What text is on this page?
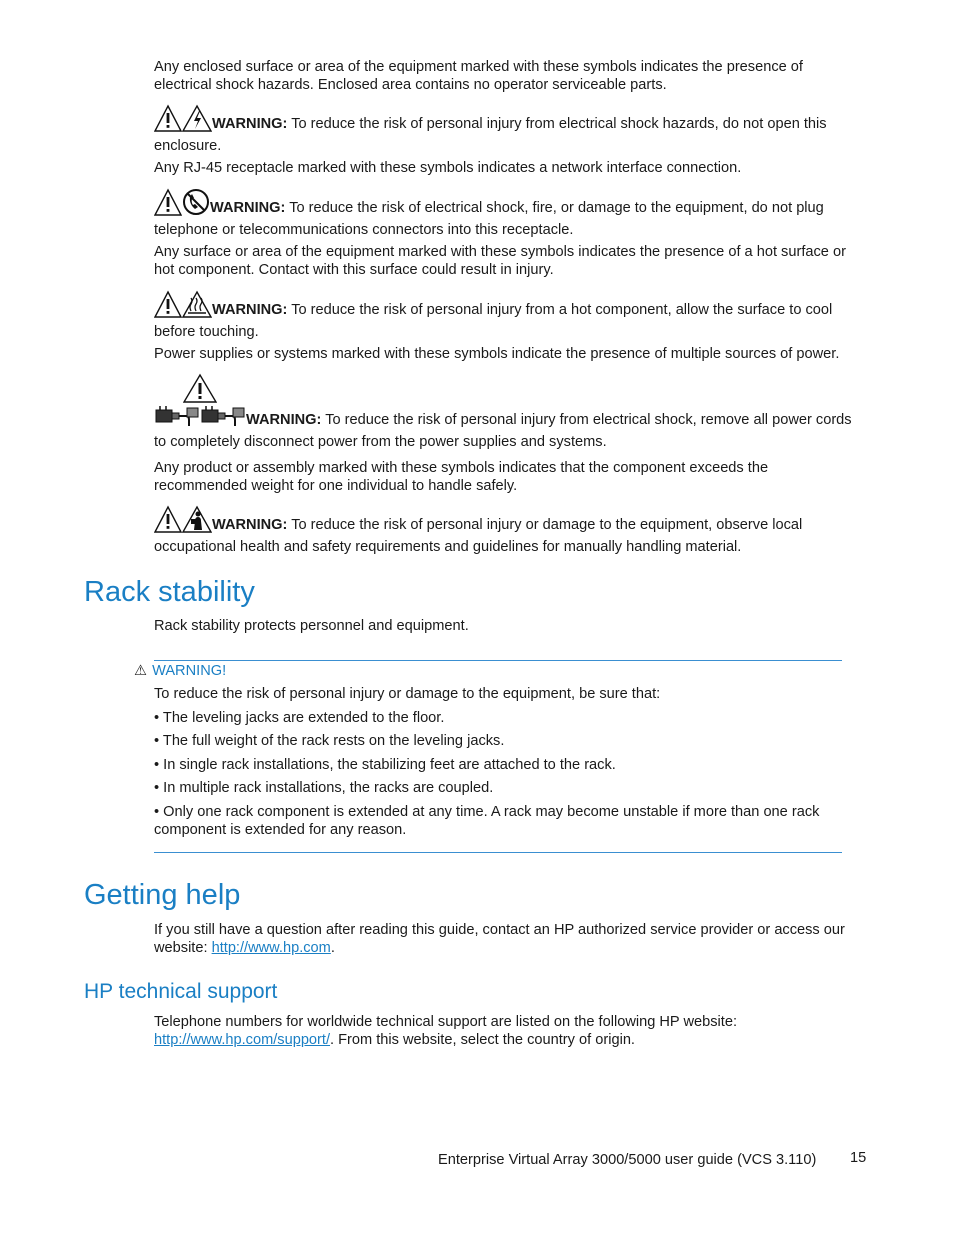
Any enclosed surface or area of the equipment marked with these symbols indicates the presence of electrical shock hazards. Enclosed area contains no operator serviceable parts.

WARNING: To reduce the risk of personal injury from electrical shock hazards, do not open this enclosure.

Any RJ-45 receptacle marked with these symbols indicates a network interface connection.

WARNING: To reduce the risk of electrical shock, fire, or damage to the equipment, do not plug telephone or telecommunications connectors into this receptacle.

Any surface or area of the equipment marked with these symbols indicates the presence of a hot surface or hot component. Contact with this surface could result in injury.

WARNING: To reduce the risk of personal injury from a hot component, allow the surface to cool before touching.

Power supplies or systems marked with these symbols indicate the presence of multiple sources of power.

WARNING: To reduce the risk of personal injury from electrical shock, remove all power cords to completely disconnect power from the power supplies and systems.

Any product or assembly marked with these symbols indicates that the component exceeds the recommended weight for one individual to handle safely.

WARNING: To reduce the risk of personal injury or damage to the equipment, observe local occupational health and safety requirements and guidelines for manually handling material.

Rack stability

Rack stability protects personnel and equipment.

⚠ WARNING!

To reduce the risk of personal injury or damage to the equipment, be sure that:

• The leveling jacks are extended to the floor.

• The full weight of the rack rests on the leveling jacks.

• In single rack installations, the stabilizing feet are attached to the rack.

• In multiple rack installations, the racks are coupled.

• Only one rack component is extended at any time. A rack may become unstable if more than one rack component is extended for any reason.

Getting help

If you still have a question after reading this guide, contact an HP authorized service provider or access our website: http://www.hp.com.

HP technical support

Telephone numbers for worldwide technical support are listed on the following HP website: http://www.hp.com/support/. From this website, select the country of origin.

Enterprise Virtual Array 3000/5000 user guide (VCS 3.110) 15
